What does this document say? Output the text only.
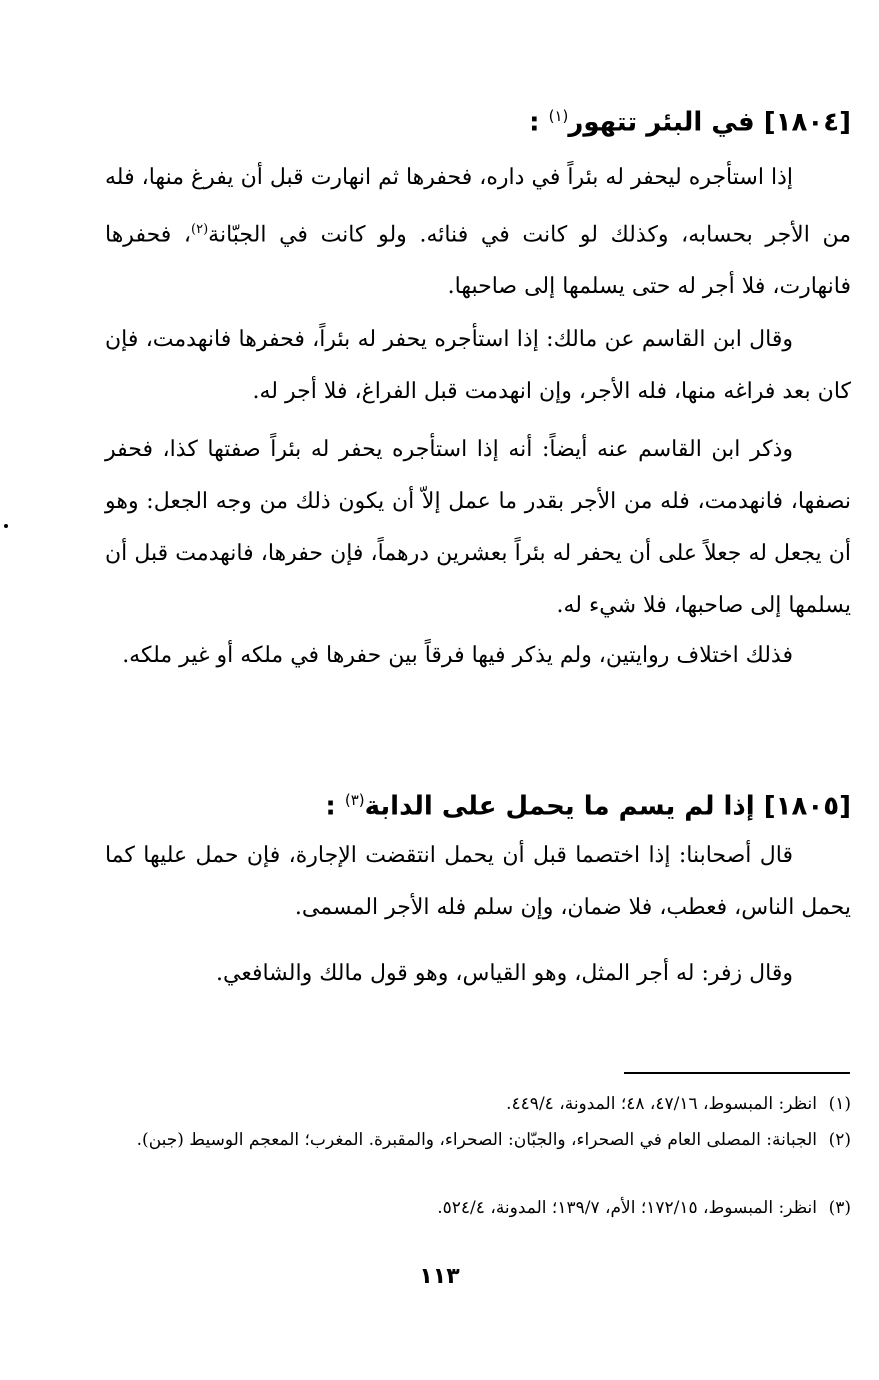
[١٨٠٤] في البئر تتهور$^{(١)}$ :

إذا استأجره ليحفر له بئراً في داره، فحفرها ثم انهارت قبل أن يفرغ منها، فله من الأجر بحسابه، وكذلك لو كانت في فنائه. ولو كانت في الجبّانة$^{(٢)}$، فحفرها فانهارت، فلا أجر له حتى يسلمها إلى صاحبها.

وقال ابن القاسم عن مالك: إذا استأجره يحفر له بئراً، فحفرها فانهدمت، فإن كان بعد فراغه منها، فله الأجر، وإن انهدمت قبل الفراغ، فلا أجر له.

وذكر ابن القاسم عنه أيضاً: أنه إذا استأجره يحفر له بئراً صفتها كذا، فحفر نصفها، فانهدمت، فله من الأجر بقدر ما عمل إلاّ أن يكون ذلك من وجه الجعل: وهو أن يجعل له جعلاً على أن يحفر له بئراً بعشرين درهماً، فإن حفرها، فانهدمت قبل أن يسلمها إلى صاحبها، فلا شيء له.

فذلك اختلاف روايتين، ولم يذكر فيها فرقاً بين حفرها في ملكه أو غير ملكه.

[١٨٠٥] إذا لم يسم ما يحمل على الدابة$^{(٣)}$ :

قال أصحابنا: إذا اختصما قبل أن يحمل انتقضت الإجارة، فإن حمل عليها كما يحمل الناس، فعطب، فلا ضمان، وإن سلم فله الأجر المسمى.

وقال زفر: له أجر المثل، وهو القياس، وهو قول مالك والشافعي.

(١)انظر: المبسوط، ٤٧/١٦، ٤٨؛ المدونة، ٤٤٩/٤.

(٢)الجبانة: المصلى العام في الصحراء، والجبّان: الصحراء، والمقبرة. المغرب؛ المعجم الوسيط (جبن).

(٣)انظر: المبسوط، ١٧٢/١٥؛ الأم، ١٣٩/٧؛ المدونة، ٥٢٤/٤.

١١٣
